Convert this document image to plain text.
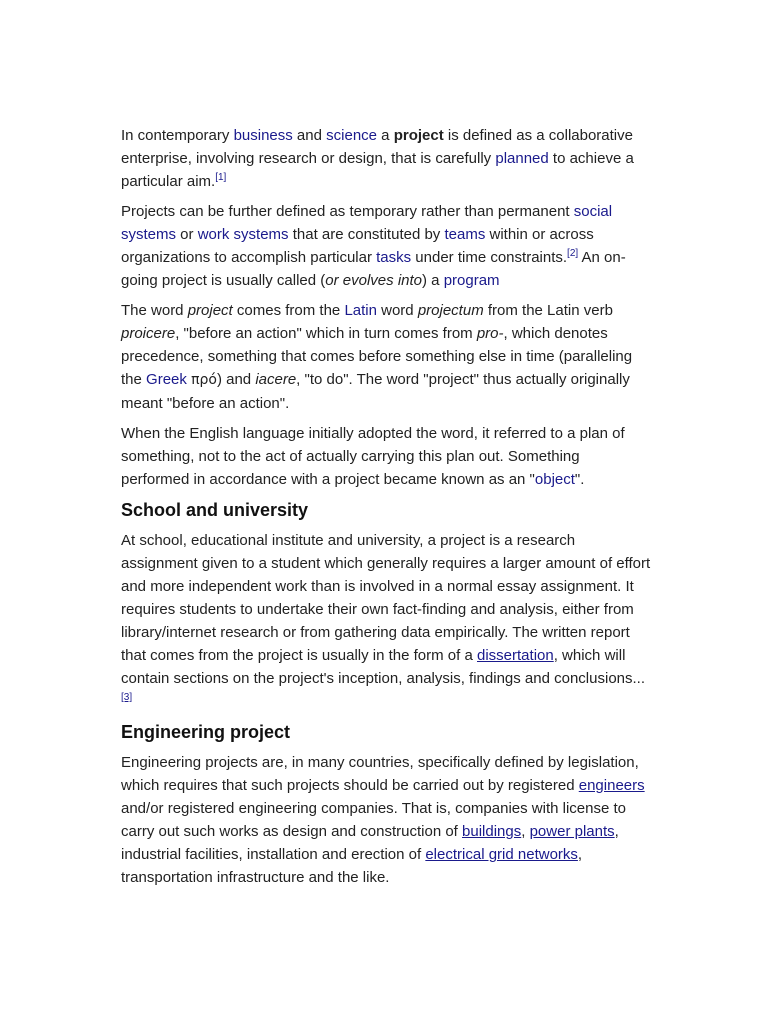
In contemporary business and science a project is defined as a collaborative enterprise, involving research or design, that is carefully planned to achieve a particular aim.[1]

Projects can be further defined as temporary rather than permanent social systems or work systems that are constituted by teams within or across organizations to accomplish particular tasks under time constraints.[2] An on-going project is usually called (or evolves into) a program

The word project comes from the Latin word projectum from the Latin verb proicere, "before an action" which in turn comes from pro-, which denotes precedence, something that comes before something else in time (paralleling the Greek πρό) and iacere, "to do". The word "project" thus actually originally meant "before an action".

When the English language initially adopted the word, it referred to a plan of something, not to the act of actually carrying this plan out. Something performed in accordance with a project became known as an "object".

School and university

At school, educational institute and university, a project is a research assignment given to a student which generally requires a larger amount of effort and more independent work than is involved in a normal essay assignment. It requires students to undertake their own fact-finding and analysis, either from library/internet research or from gathering data empirically. The written report that comes from the project is usually in the form of a dissertation, which will contain sections on the project's inception, analysis, findings and conclusions...[3]

Engineering project

Engineering projects are, in many countries, specifically defined by legislation, which requires that such projects should be carried out by registered engineers and/or registered engineering companies. That is, companies with license to carry out such works as design and construction of buildings, power plants, industrial facilities, installation and erection of electrical grid networks, transportation infrastructure and the like.
